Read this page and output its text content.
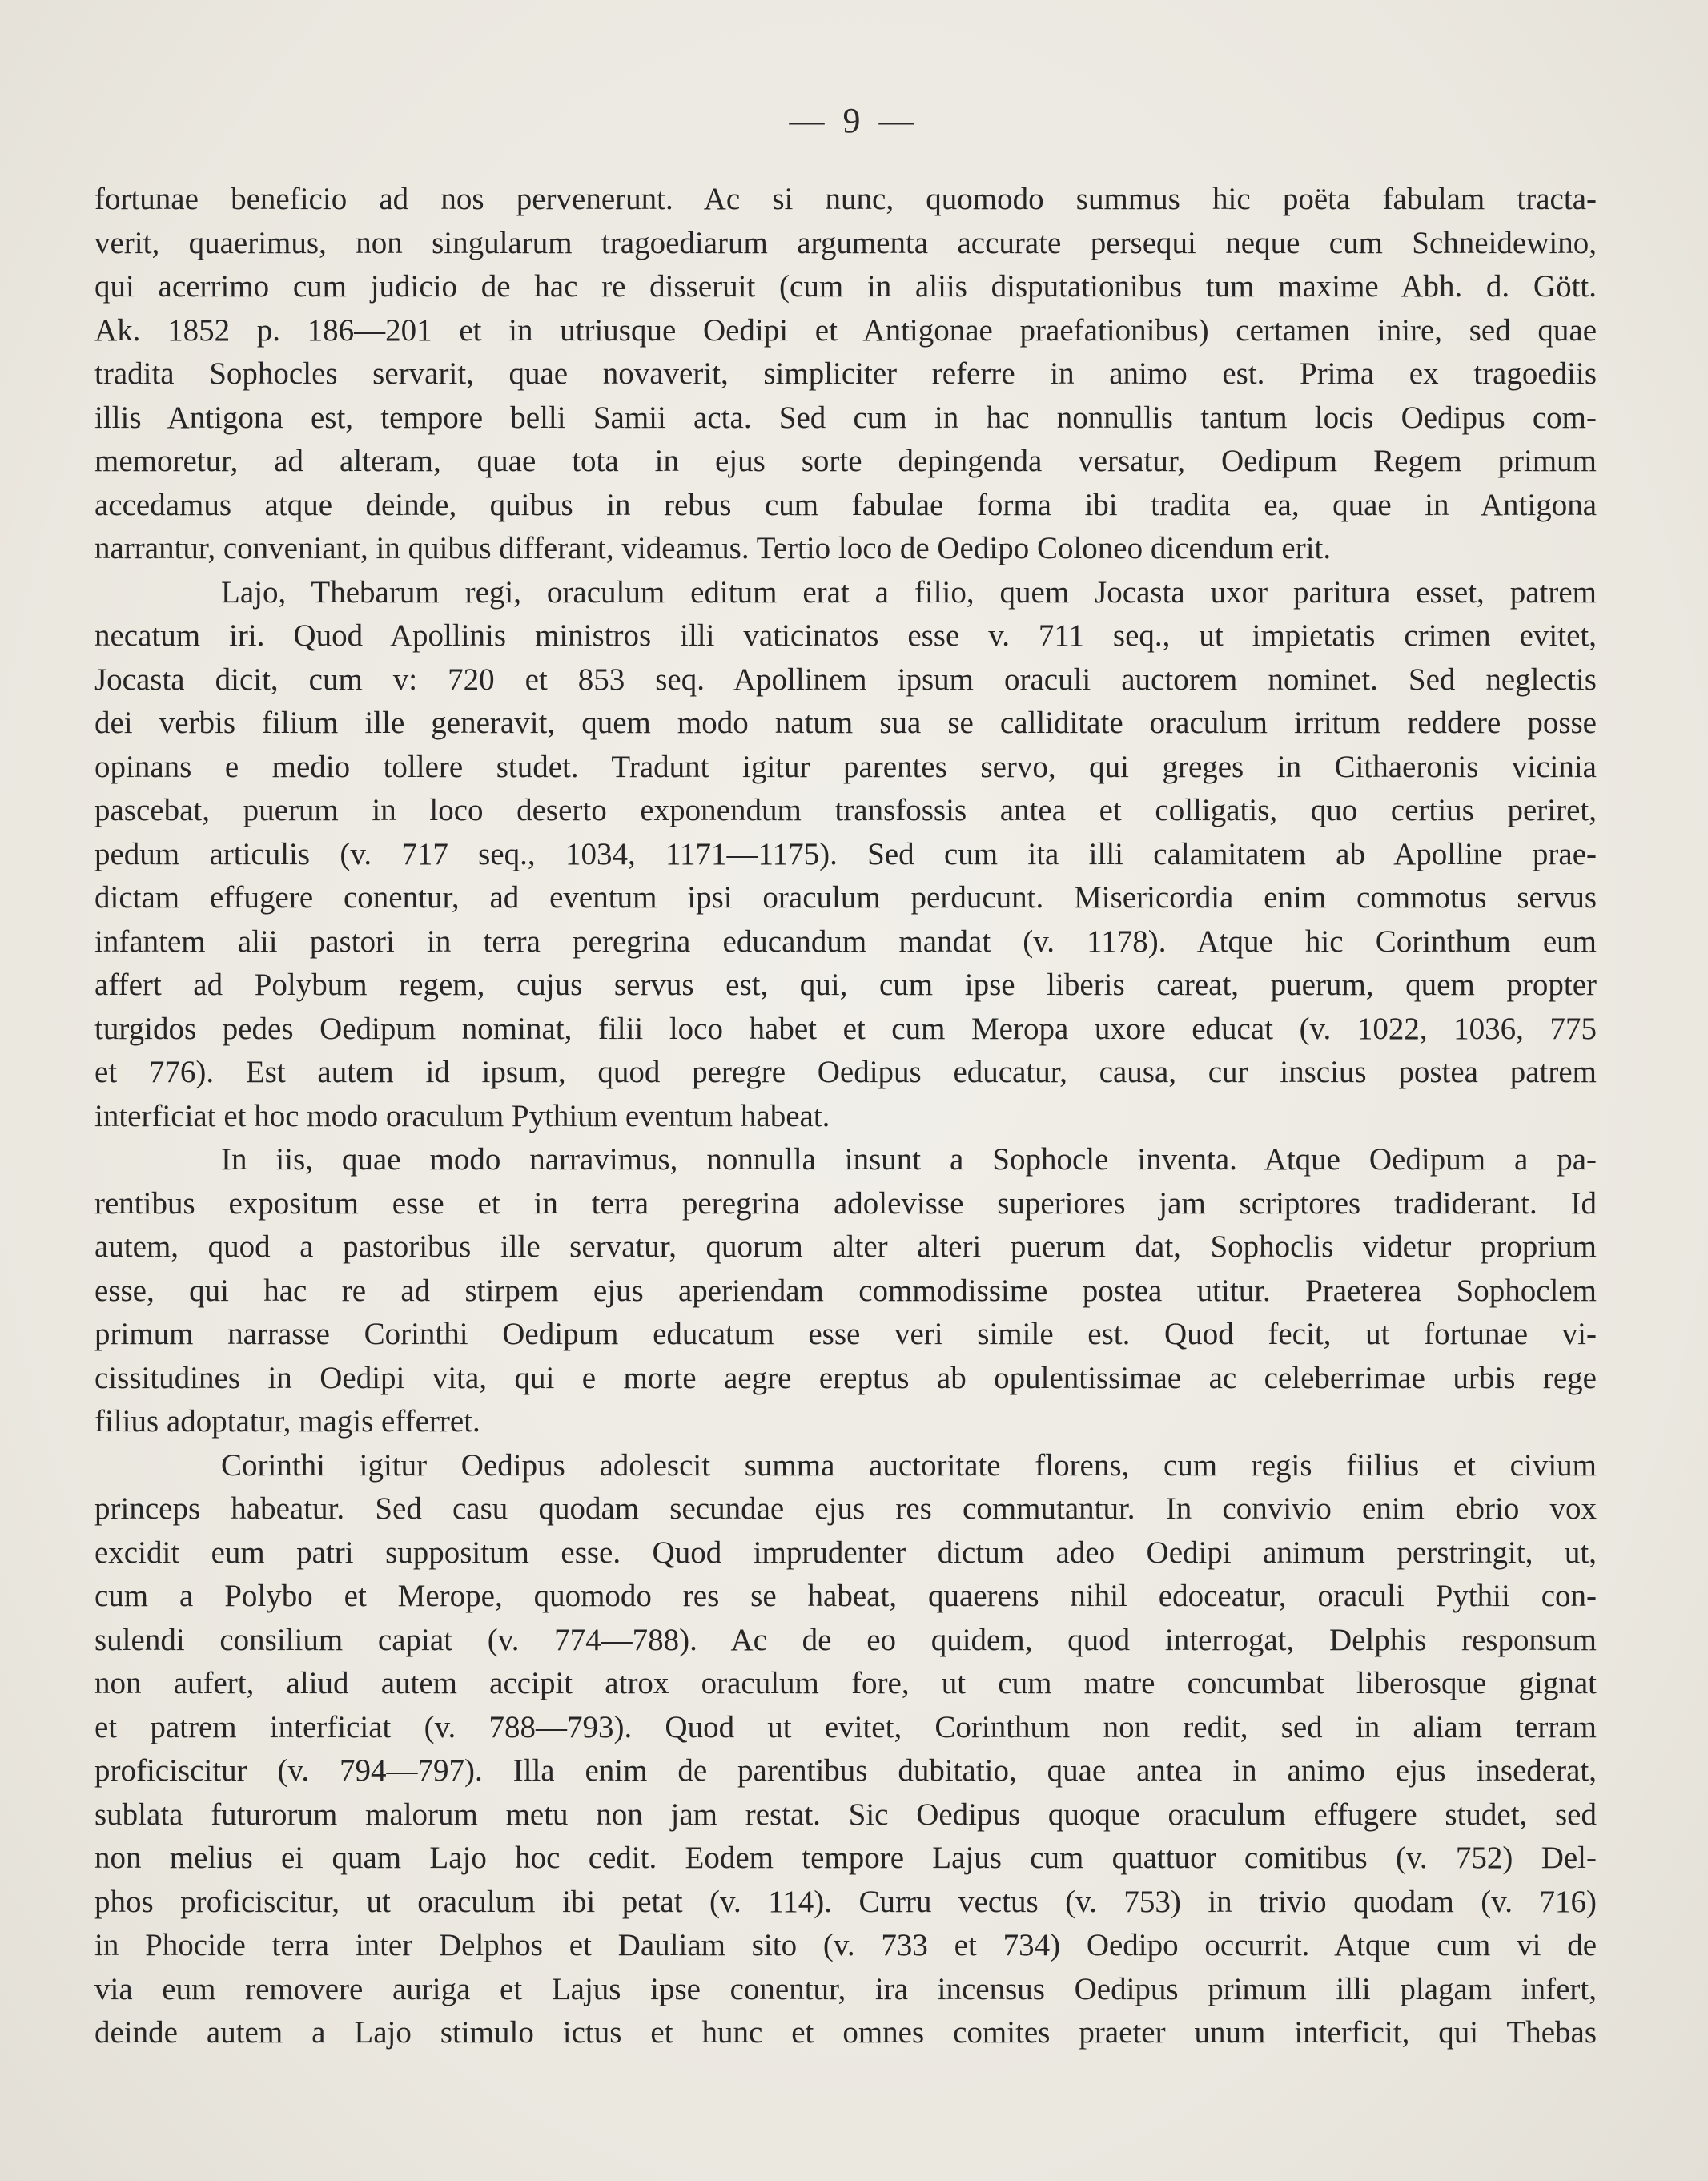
— 9 —
fortunae beneficio ad nos pervenerunt. Ac si nunc, quomodo summus hic poëta fabulam tracta-
verit, quaerimus, non singularum tragoediarum argumenta accurate persequi neque cum Schneidewino,
qui acerrimo cum judicio de hac re disseruit (cum in aliis disputationibus tum maxime Abh. d. Gött.
Ak. 1852 p. 186—201 et in utriusque Oedipi et Antigonae praefationibus) certamen inire, sed quae
tradita Sophocles servarit, quae novaverit, simpliciter referre in animo est. Prima ex tragoediis
illis Antigona est, tempore belli Samii acta. Sed cum in hac nonnullis tantum locis Oedipus com-
memoretur, ad alteram, quae tota in ejus sorte depingenda versatur, Oedipum Regem primum
accedamus atque deinde, quibus in rebus cum fabulae forma ibi tradita ea, quae in Antigona
narrantur, conveniant, in quibus differant, videamus. Tertio loco de Oedipo Coloneo dicendum erit.
Lajo, Thebarum regi, oraculum editum erat a filio, quem Jocasta uxor paritura esset, patrem
necatum iri. Quod Apollinis ministros illi vaticinatos esse v. 711 seq., ut impietatis crimen evitet,
Jocasta dicit, cum v: 720 et 853 seq. Apollinem ipsum oraculi auctorem nominet. Sed neglectis
dei verbis filium ille generavit, quem modo natum sua se calliditate oraculum irritum reddere posse
opinans e medio tollere studet. Tradunt igitur parentes servo, qui greges in Cithaeronis vicinia
pascebat, puerum in loco deserto exponendum transfossis antea et colligatis, quo certius periret,
pedum articulis (v. 717 seq., 1034, 1171—1175). Sed cum ita illi calamitatem ab Apolline prae-
dictam effugere conentur, ad eventum ipsi oraculum perducunt. Misericordia enim commotus servus
infantem alii pastori in terra peregrina educandum mandat (v. 1178). Atque hic Corinthum eum
affert ad Polybum regem, cujus servus est, qui, cum ipse liberis careat, puerum, quem propter
turgidos pedes Oedipum nominat, filii loco habet et cum Meropa uxore educat (v. 1022, 1036, 775
et 776). Est autem id ipsum, quod peregre Oedipus educatur, causa, cur inscius postea patrem
interficiat et hoc modo oraculum Pythium eventum habeat.
In iis, quae modo narravimus, nonnulla insunt a Sophocle inventa. Atque Oedipum a pa-
rentibus expositum esse et in terra peregrina adolevisse superiores jam scriptores tradiderant. Id
autem, quod a pastoribus ille servatur, quorum alter alteri puerum dat, Sophoclis videtur proprium
esse, qui hac re ad stirpem ejus aperiendam commodissime postea utitur. Praeterea Sophoclem
primum narrasse Corinthi Oedipum educatum esse veri simile est. Quod fecit, ut fortunae vi-
cissitudines in Oedipi vita, qui e morte aegre ereptus ab opulentissimae ac celeberrimae urbis rege
filius adoptatur, magis efferret.
Corinthi igitur Oedipus adolescit summa auctoritate florens, cum regis fiilius et civium
princeps habeatur. Sed casu quodam secundae ejus res commutantur. In convivio enim ebrio vox
excidit eum patri suppositum esse. Quod imprudenter dictum adeo Oedipi animum perstringit, ut,
cum a Polybo et Merope, quomodo res se habeat, quaerens nihil edoceatur, oraculi Pythii con-
sulendi consilium capiat (v. 774—788). Ac de eo quidem, quod interrogat, Delphis responsum
non aufert, aliud autem accipit atrox oraculum fore, ut cum matre concumbat liberosque gignat
et patrem interficiat (v. 788—793). Quod ut evitet, Corinthum non redit, sed in aliam terram
proficiscitur (v. 794—797). Illa enim de parentibus dubitatio, quae antea in animo ejus insederat,
sublata futurorum malorum metu non jam restat. Sic Oedipus quoque oraculum effugere studet, sed
non melius ei quam Lajo hoc cedit. Eodem tempore Lajus cum quattuor comitibus (v. 752) Del-
phos proficiscitur, ut oraculum ibi petat (v. 114). Curru vectus (v. 753) in trivio quodam (v. 716)
in Phocide terra inter Delphos et Dauliam sito (v. 733 et 734) Oedipo occurrit. Atque cum vi de
via eum removere auriga et Lajus ipse conentur, ira incensus Oedipus primum illi plagam infert,
deinde autem a Lajo stimulo ictus et hunc et omnes comites praeter unum interficit, qui Thebas
